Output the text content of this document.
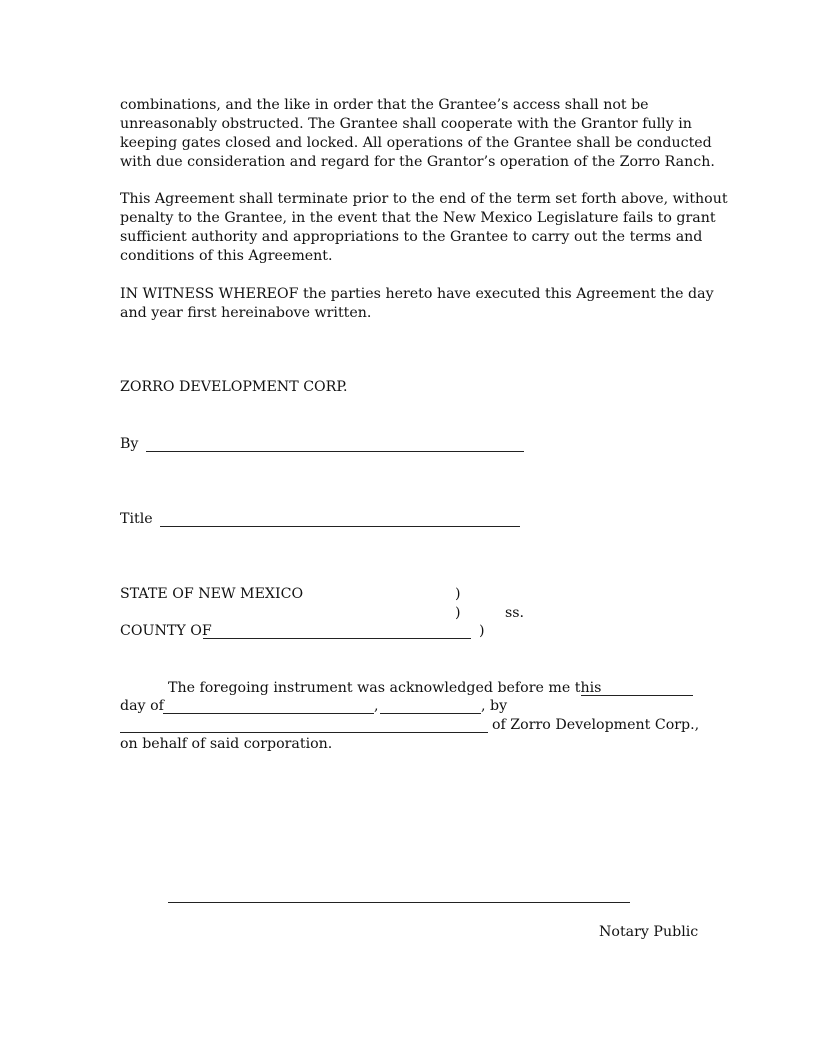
combinations, and the like in order that the Grantee’s access shall not be
unreasonably obstructed. The Grantee shall cooperate with the Grantor fully in
keeping gates closed and locked. All operations of the Grantee shall be conducted
with due consideration and regard for the Grantor’s operation of the Zorro Ranch.
This Agreement shall terminate prior to the end of the term set forth above, without
penalty to the Grantee, in the event that the New Mexico Legislature fails to grant
sufficient authority and appropriations to the Grantee to carry out the terms and
conditions of this Agreement.
IN WITNESS WHEREOF the parties hereto have executed this Agreement the day
and year first hereinabove written.
ZORRO DEVELOPMENT CORP.
By
Title
STATE OF NEW MEXICO	)
)	ss.
COUNTY OF	)
The foregoing instrument was acknowledged before me this
day of	,	, by
of Zorro Development Corp.,
on behalf of said corporation.
Notary Public
